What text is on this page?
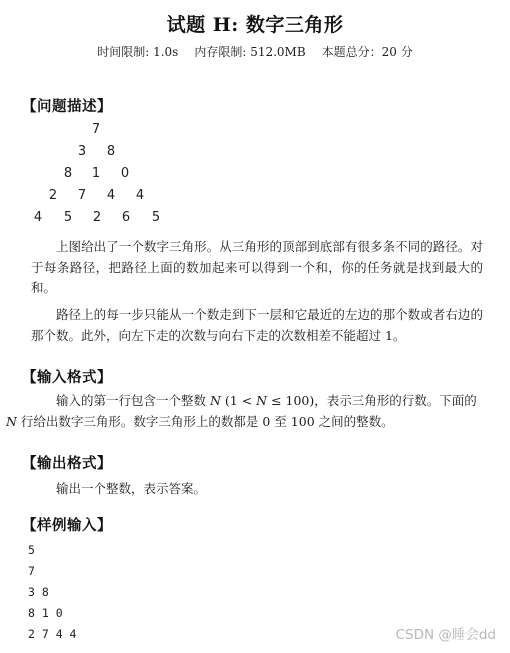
试题 H: 数字三角形
时间限制: 1.0s 内存限制: 512.0MB 本题总分：20 分
【问题描述】
7
3 8
8 1 0
2 7 4 4
4 5 2 6 5
上图给出了一个数字三角形。从三角形的顶部到底部有很多条不同的路径。对于每条路径，把路径上面的数加起来可以得到一个和，你的任务就是找到最大的和。
路径上的每一步只能从一个数走到下一层和它最近的左边的那个数或者右边的那个数。此外，向左下走的次数与向右下走的次数相差不能超过 1。
【输入格式】
输入的第一行包含一个整数 N (1 < N ≤ 100)，表示三角形的行数。下面的
N 行给出数字三角形。数字三角形上的数都是 0 至 100 之间的整数。
【输出格式】
输出一个整数，表示答案。
【样例输入】
5
7
3 8
8 1 0
2 7 4 4	CSDN @睡会dd
